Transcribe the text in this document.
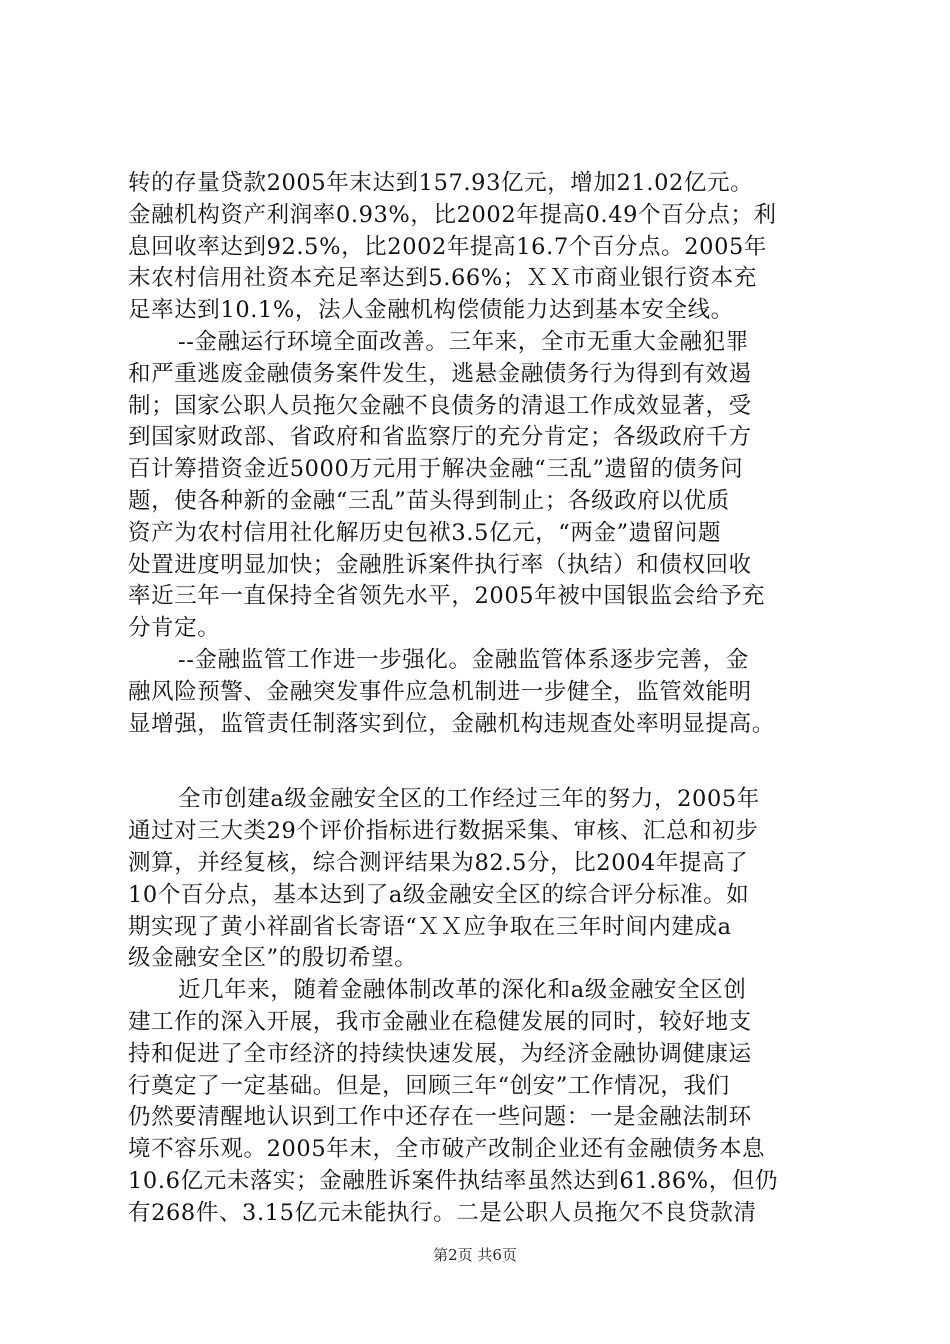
转的存量贷款2005年末达到157.93亿元，增加21.02亿元。
金融机构资产利润率0.93%，比2002年提高0.49个百分点；利
息回收率达到92.5%，比2002年提高16.7个百分点。2005年
末农村信用社资本充足率达到5.66%；ＸＸ市商业银行资本充
足率达到10.1%，法人金融机构偿债能力达到基本安全线。
--金融运行环境全面改善。三年来，全市无重大金融犯罪
和严重逃废金融债务案件发生，逃悬金融债务行为得到有效遏
制；国家公职人员拖欠金融不良债务的清退工作成效显著，受
到国家财政部、省政府和省监察厅的充分肯定；各级政府千方
百计筹措资金近5000万元用于解决金融“三乱”遗留的债务问
题，使各种新的金融“三乱”苗头得到制止；各级政府以优质
资产为农村信用社化解历史包袱3.5亿元，“两金”遗留问题
处置进度明显加快；金融胜诉案件执行率（执结）和债权回收
率近三年一直保持全省领先水平，2005年被中国银监会给予充
分肯定。
--金融监管工作进一步强化。金融监管体系逐步完善，金
融风险预警、金融突发事件应急机制进一步健全，监管效能明
显增强，监管责任制落实到位，金融机构违规查处率明显提高。
全市创建a级金融安全区的工作经过三年的努力，2005年
通过对三大类29个评价指标进行数据采集、审核、汇总和初步
测算，并经复核，综合测评结果为82.5分，比2004年提高了
10个百分点，基本达到了a级金融安全区的综合评分标准。如
期实现了黄小祥副省长寄语“ＸＸ应争取在三年时间内建成a
级金融安全区”的殷切希望。
近几年来，随着金融体制改革的深化和a级金融安全区创
建工作的深入开展，我市金融业在稳健发展的同时，较好地支
持和促进了全市经济的持续快速发展，为经济金融协调健康运
行奠定了一定基础。但是，回顾三年“创安”工作情况，我们
仍然要清醒地认识到工作中还存在一些问题：一是金融法制环
境不容乐观。2005年末，全市破产改制企业还有金融债务本息
10.6亿元未落实；金融胜诉案件执结率虽然达到61.86%，但仍
有268件、3.15亿元未能执行。二是公职人员拖欠不良贷款清
第2页 共6页
